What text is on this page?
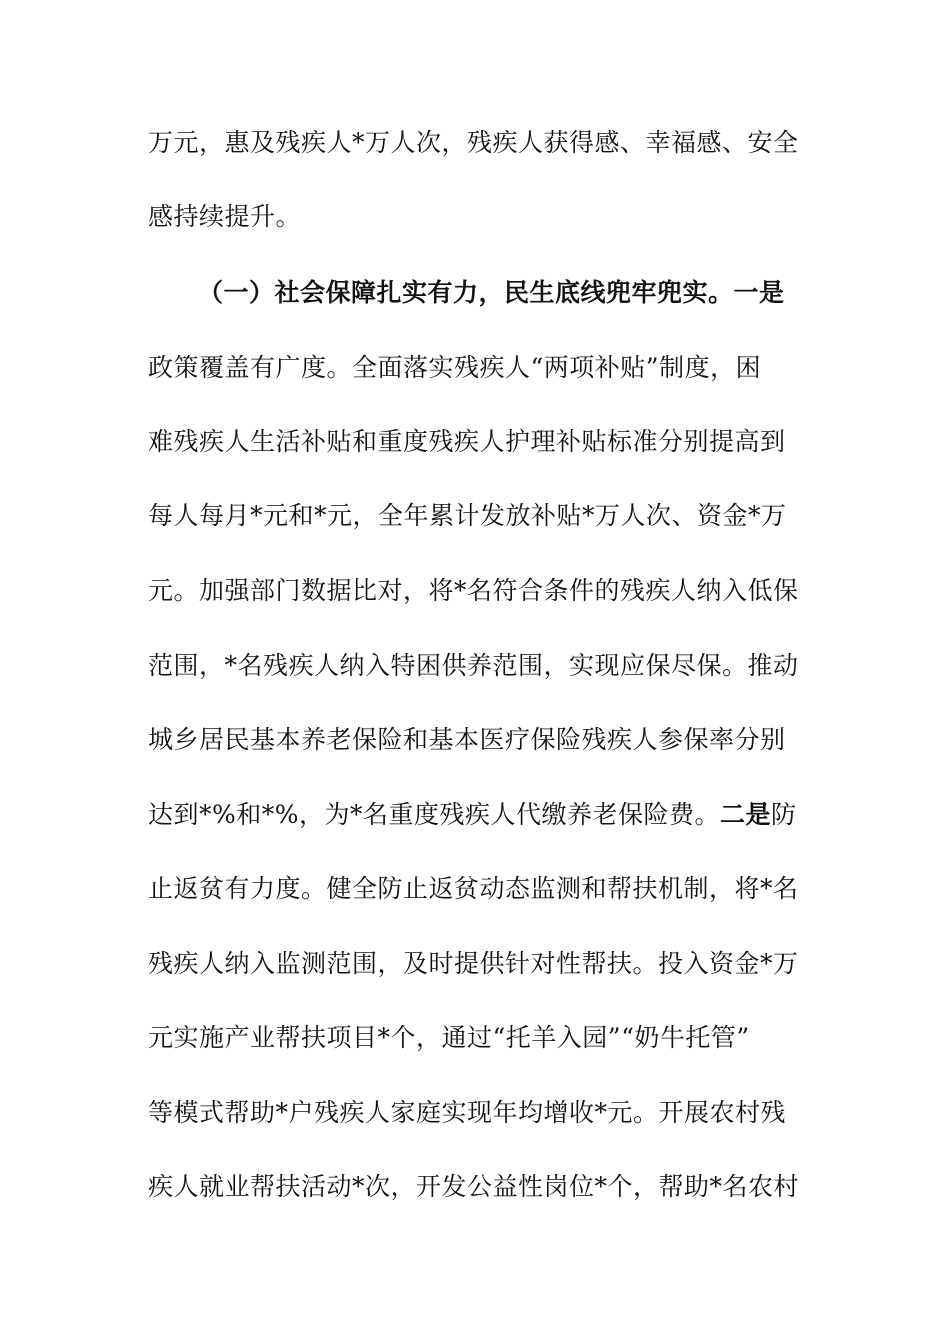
万元，惠及残疾人*万人次，残疾人获得感、幸福感、安全
感持续提升。
（一）社会保障扎实有力，民生底线兜牢兜实。一是
政策覆盖有广度。全面落实残疾人“两项补贴”制度，困
难残疾人生活补贴和重度残疾人护理补贴标准分别提高到
每人每月*元和*元，全年累计发放补贴*万人次、资金*万
元。加强部门数据比对，将*名符合条件的残疾人纳入低保
范围，*名残疾人纳入特困供养范围，实现应保尽保。推动
城乡居民基本养老保险和基本医疗保险残疾人参保率分别
达到*%和*%，为*名重度残疾人代缴养老保险费。二是防
止返贫有力度。健全防止返贫动态监测和帮扶机制，将*名
残疾人纳入监测范围，及时提供针对性帮扶。投入资金*万
元实施产业帮扶项目*个，通过“托羊入园”“奶牛托管”
等模式帮助*户残疾人家庭实现年均增收*元。开展农村残
疾人就业帮扶活动*次，开发公益性岗位*个，帮助*名农村
